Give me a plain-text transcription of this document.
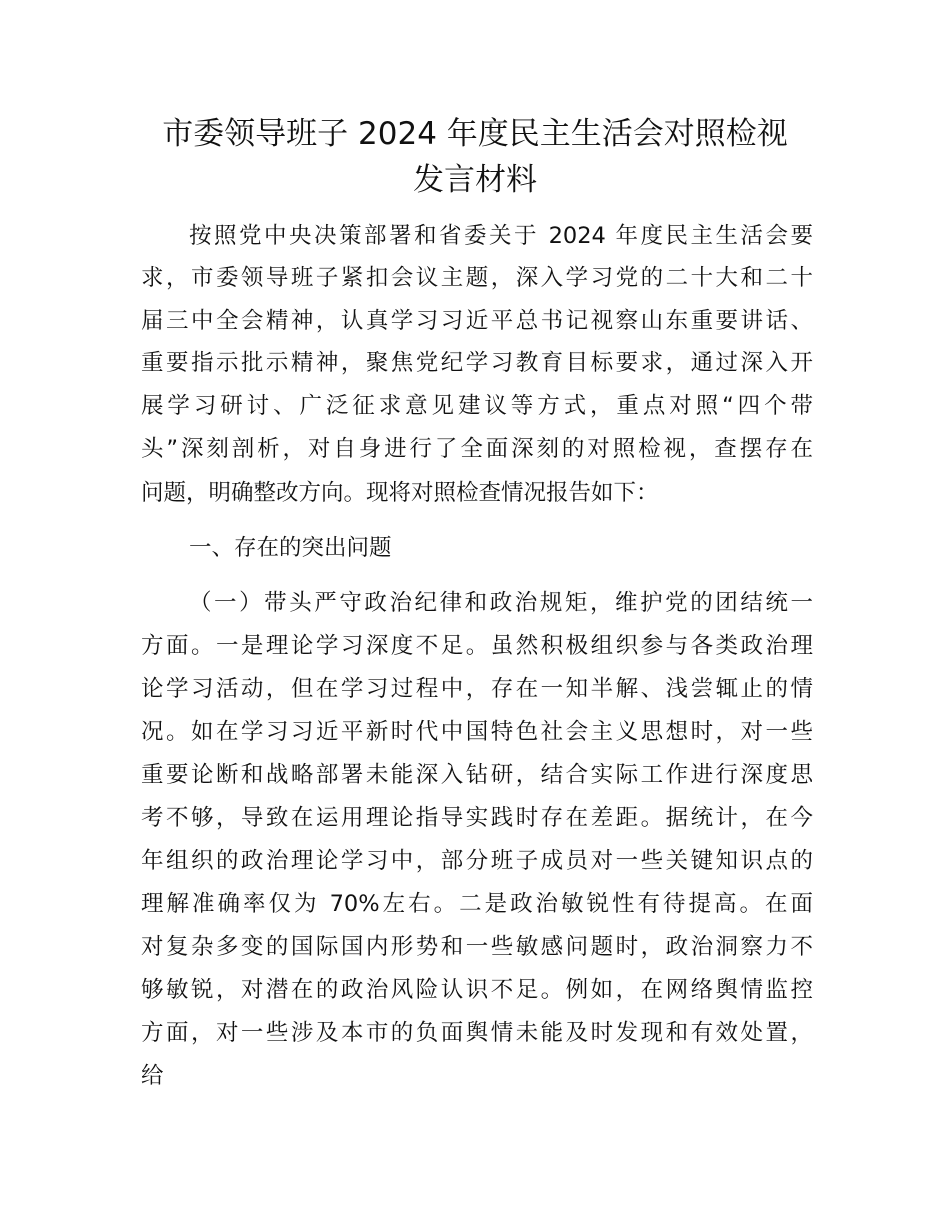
市委领导班子 2024 年度民主生活会对照检视
发言材料
按照党中央决策部署和省委关于 2024 年度民主生活会要
求，市委领导班子紧扣会议主题，深入学习党的二十大和二十
届三中全会精神，认真学习习近平总书记视察山东重要讲话、
重要指示批示精神，聚焦党纪学习教育目标要求，通过深入开
展学习研讨、广泛征求意见建议等方式，重点对照“四个带
头”深刻剖析，对自身进行了全面深刻的对照检视，查摆存在
问题，明确整改方向。现将对照检查情况报告如下：
一、存在的突出问题
（一）带头严守政治纪律和政治规矩，维护党的团结统一
方面。一是理论学习深度不足。虽然积极组织参与各类政治理
论学习活动，但在学习过程中，存在一知半解、浅尝辄止的情
况。如在学习习近平新时代中国特色社会主义思想时，对一些
重要论断和战略部署未能深入钻研，结合实际工作进行深度思
考不够，导致在运用理论指导实践时存在差距。据统计，在今
年组织的政治理论学习中，部分班子成员对一些关键知识点的
理解准确率仅为 70%左右。二是政治敏锐性有待提高。在面
对复杂多变的国际国内形势和一些敏感问题时，政治洞察力不
够敏锐，对潜在的政治风险认识不足。例如，在网络舆情监控
方面，对一些涉及本市的负面舆情未能及时发现和有效处置，
给
